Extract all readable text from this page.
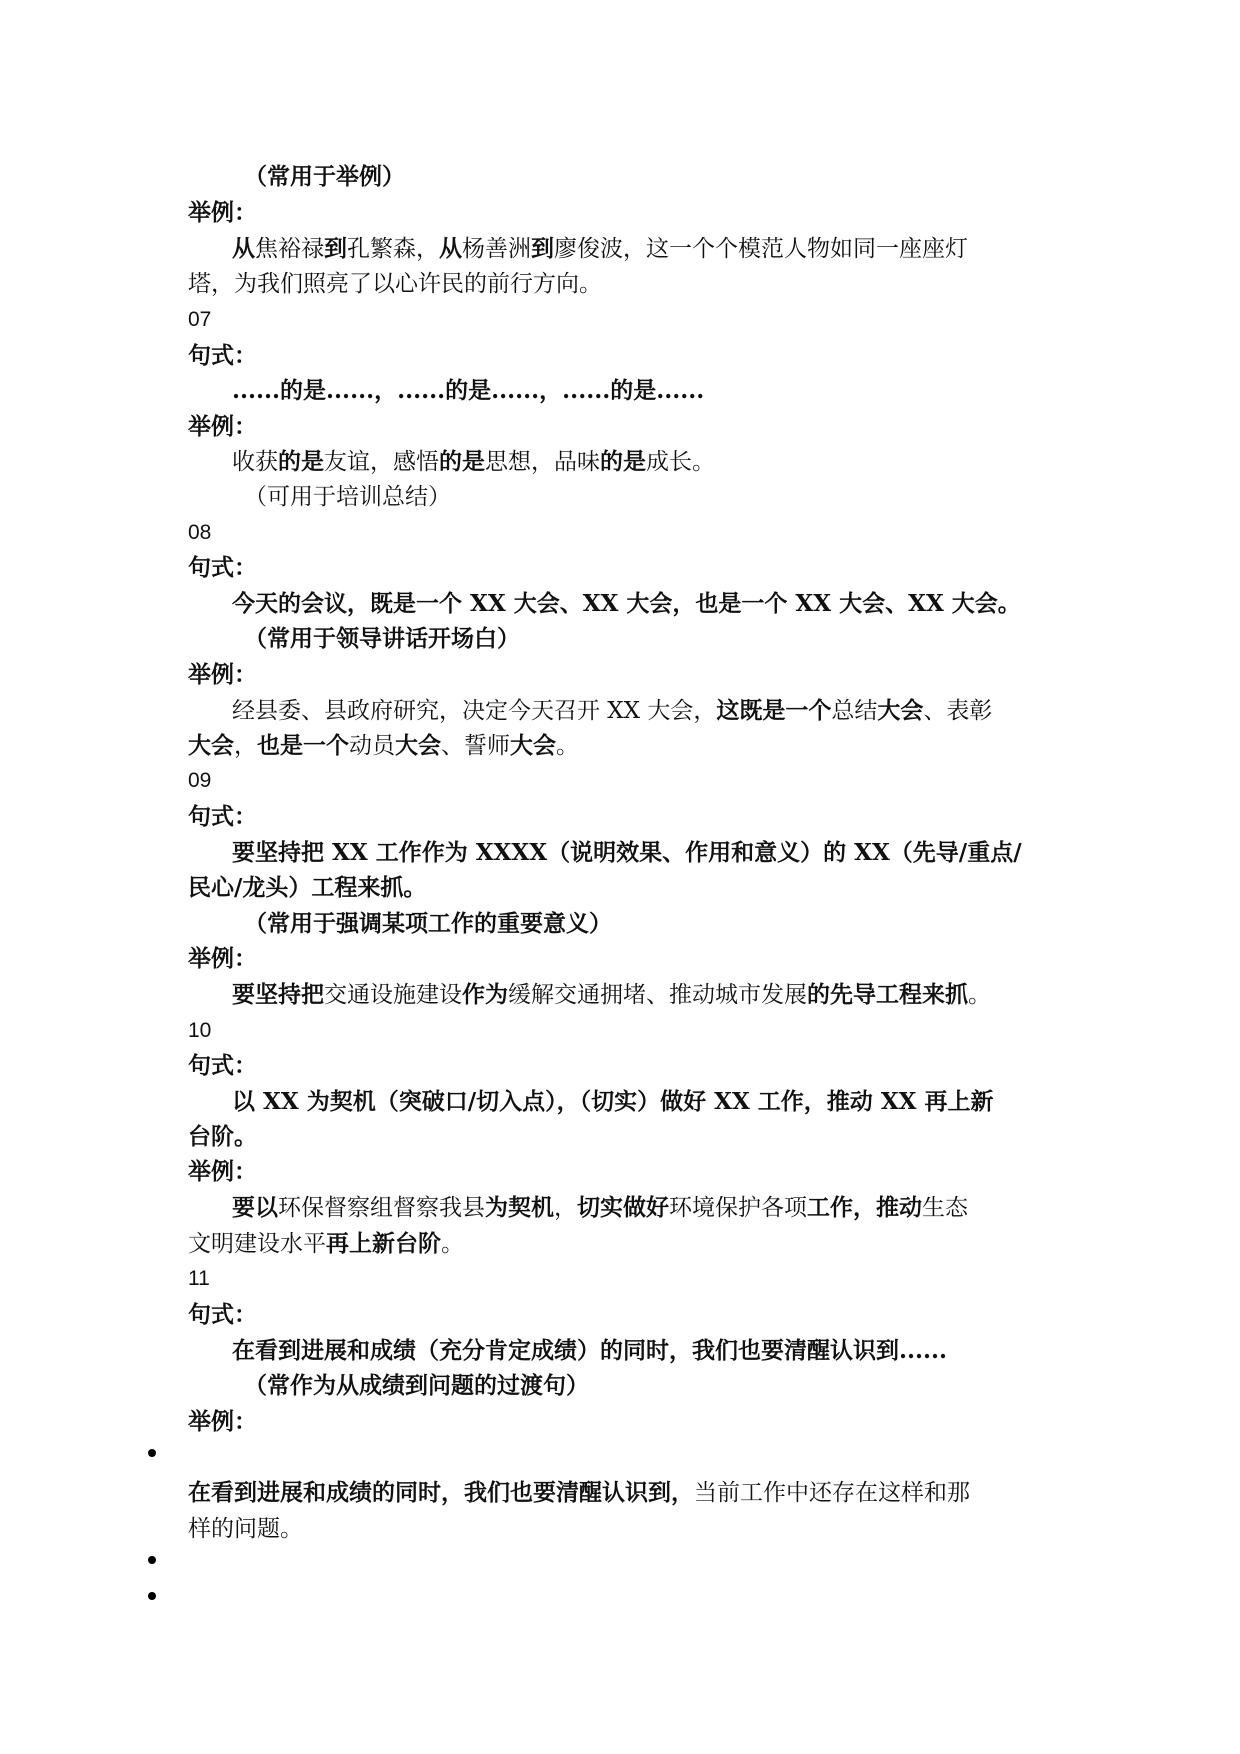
（常用于举例）
举例：
从焦裕禄到孔繁森，从杨善洲到廖俊波，这一个个模范人物如同一座座灯
塔，为我们照亮了以心许民的前行方向。
07
句式：
......的是......，......的是......，......的是......
举例：
收获的是友谊，感悟的是思想，品味的是成长。
（可用于培训总结）
08
句式：
今天的会议，既是一个 XX 大会、XX 大会，也是一个 XX 大会、XX 大会。
（常用于领导讲话开场白）
举例：
经县委、县政府研究，决定今天召开 XX 大会，这既是一个总结大会、表彰
大会，也是一个动员大会、誓师大会。
09
句式：
要坚持把 XX 工作作为 XXXX（说明效果、作用和意义）的 XX（先导/重点/
民心/龙头）工程来抓。
（常用于强调某项工作的重要意义）
举例：
要坚持把交通设施建设作为缓解交通拥堵、推动城市发展的先导工程来抓。
10
句式：
以 XX 为契机（突破口/切入点），（切实）做好 XX 工作，推动 XX 再上新
台阶。
举例：
要以环保督察组督察我县为契机，切实做好环境保护各项工作，推动生态
文明建设水平再上新台阶。
11
句式：
在看到进展和成绩（充分肯定成绩）的同时，我们也要清醒认识到......
（常作为从成绩到问题的过渡句）
举例：
在看到进展和成绩的同时，我们也要清醒认识到，当前工作中还存在这样和那
样的问题。
